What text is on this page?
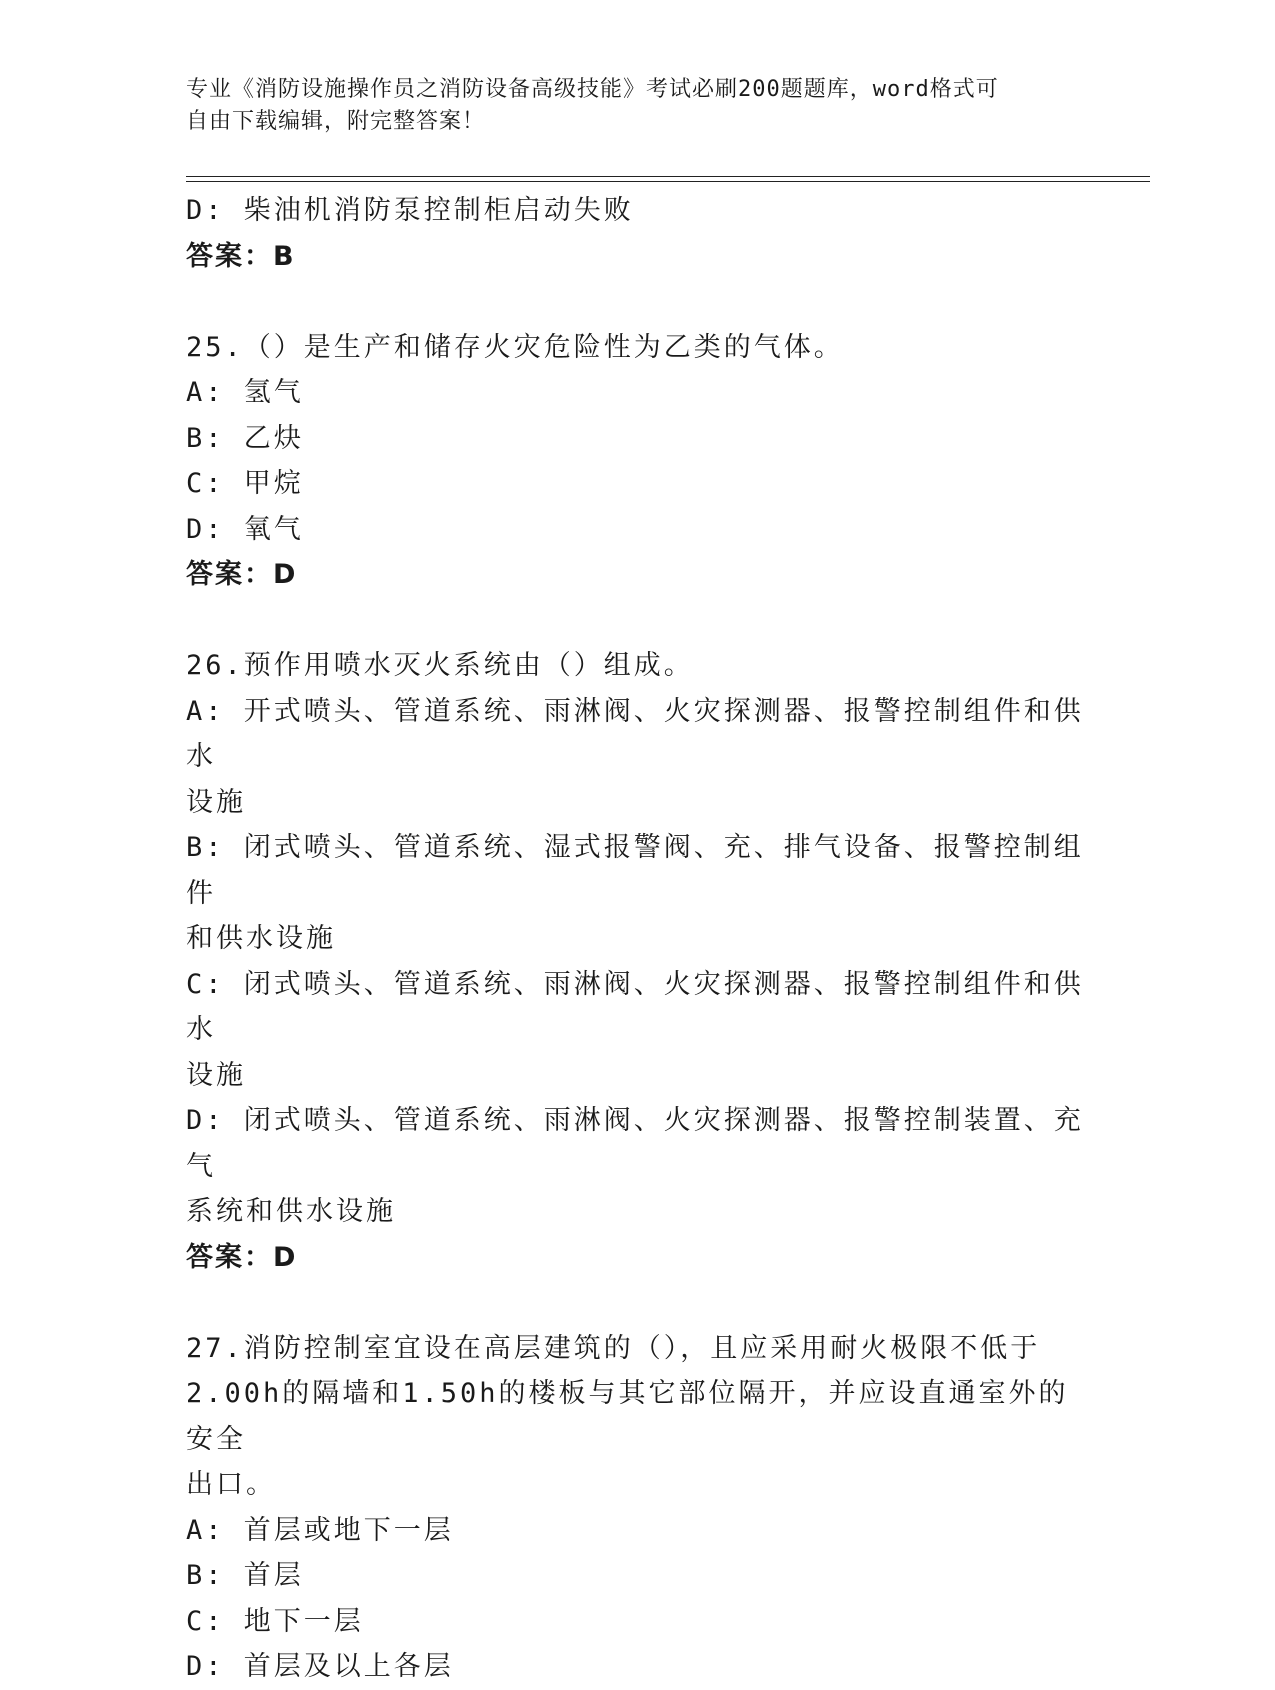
专业《消防设施操作员之消防设备高级技能》考试必刷200题题库，word格式可
自由下载编辑，附完整答案！
D: 柴油机消防泵控制柜启动失败
答案：B
25.（）是生产和储存火灾危险性为乙类的气体。
A: 氢气
B: 乙炔
C: 甲烷
D: 氧气
答案：D
26.预作用喷水灭火系统由（）组成。
A: 开式喷头、管道系统、雨淋阀、火灾探测器、报警控制组件和供水
设施
B: 闭式喷头、管道系统、湿式报警阀、充、排气设备、报警控制组件
和供水设施
C: 闭式喷头、管道系统、雨淋阀、火灾探测器、报警控制组件和供水
设施
D: 闭式喷头、管道系统、雨淋阀、火灾探测器、报警控制装置、充气
系统和供水设施
答案：D
27.消防控制室宜设在高层建筑的（），且应采用耐火极限不低于
2.00h的隔墙和1.50h的楼板与其它部位隔开，并应设直通室外的安全
出口。
A: 首层或地下一层
B: 首层
C: 地下一层
D: 首层及以上各层
